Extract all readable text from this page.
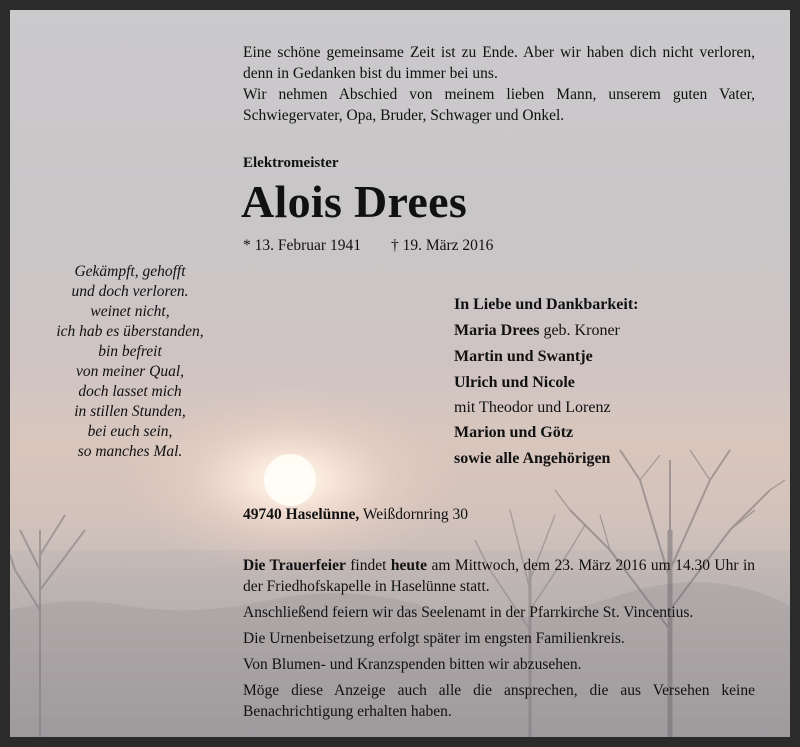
Eine schöne gemeinsame Zeit ist zu Ende. Aber wir haben dich nicht verloren, denn in Gedanken bist du immer bei uns.

Wir nehmen Abschied von meinem lieben Mann, unserem guten Vater, Schwiegervater, Opa, Bruder, Schwager und Onkel.

Elektromeister
Alois Drees
* 13. Februar 1941 † 19. März 2016
Gekämpft, gehofft
und doch verloren.
weinet nicht,
ich hab es überstanden,
bin befreit
von meiner Qual,
doch lasset mich
in stillen Stunden,
bei euch sein,
so manches Mal.
In Liebe und Dankbarkeit:
Maria Drees geb. Kroner
Martin und Swantje
Ulrich und Nicole
mit Theodor und Lorenz
Marion und Götz
sowie alle Angehörigen
49740 Haselünne, Weißdornring 30

Die Trauerfeier findet heute am Mittwoch, dem 23. März 2016 um 14.30 Uhr in der Friedhofskapelle in Haselünne statt.

Anschließend feiern wir das Seelenamt in der Pfarrkirche St. Vincentius.

Die Urnenbeisetzung erfolgt später im engsten Familienkreis.

Von Blumen- und Kranzspenden bitten wir abzusehen.

Möge diese Anzeige auch alle die ansprechen, die aus Versehen keine Benachrichtigung erhalten haben.
